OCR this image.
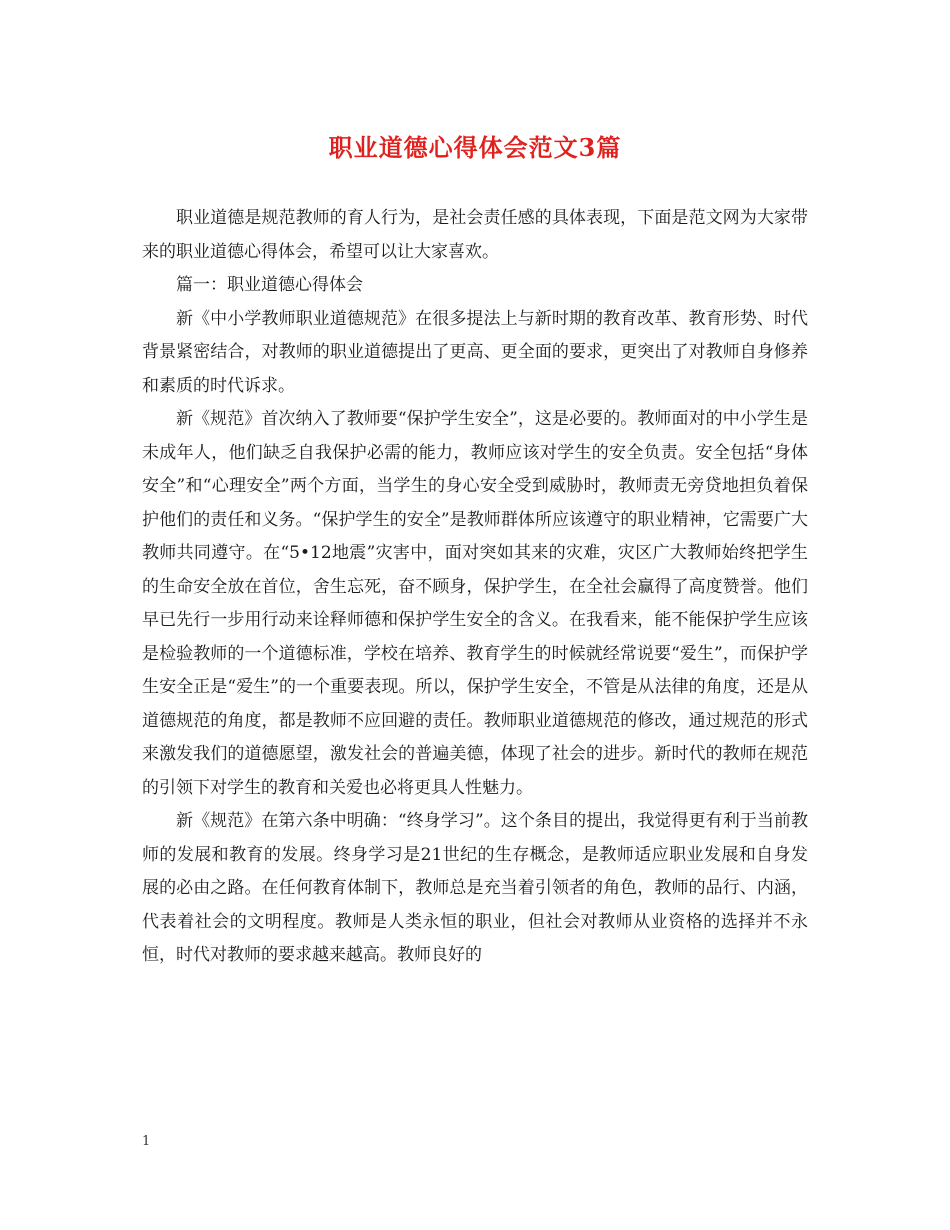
职业道德心得体会范文3篇

职业道德是规范教师的育人行为，是社会责任感的具体表现，下面是范文网为大家带来的职业道德心得体会，希望可以让大家喜欢。

篇一：职业道德心得体会

新《中小学教师职业道德规范》在很多提法上与新时期的教育改革、教育形势、时代背景紧密结合，对教师的职业道德提出了更高、更全面的要求，更突出了对教师自身修养和素质的时代诉求。

新《规范》首次纳入了教师要“保护学生安全”，这是必要的。教师面对的中小学生是未成年人，他们缺乏自我保护必需的能力，教师应该对学生的安全负责。安全包括“身体安全”和“心理安全”两个方面，当学生的身心安全受到威胁时，教师责无旁贷地担负着保护他们的责任和义务。“保护学生的安全”是教师群体所应该遵守的职业精神，它需要广大教师共同遵守。在“5•12地震”灾害中，面对突如其来的灾难，灾区广大教师始终把学生的生命安全放在首位，舍生忘死，奋不顾身，保护学生，在全社会赢得了高度赞誉。他们早已先行一步用行动来诠释师德和保护学生安全的含义。在我看来，能不能保护学生应该是检验教师的一个道德标准，学校在培养、教育学生的时候就经常说要“爱生”，而保护学生安全正是“爱生”的一个重要表现。所以，保护学生安全，不管是从法律的角度，还是从道德规范的角度，都是教师不应回避的责任。教师职业道德规范的修改，通过规范的形式来激发我们的道德愿望，激发社会的普遍美德，体现了社会的进步。新时代的教师在规范的引领下对学生的教育和关爱也必将更具人性魅力。

新《规范》在第六条中明确：“终身学习”。这个条目的提出，我觉得更有利于当前教师的发展和教育的发展。终身学习是21世纪的生存概念，是教师适应职业发展和自身发展的必由之路。在任何教育体制下，教师总是充当着引领者的角色，教师的品行、内涵，代表着社会的文明程度。教师是人类永恒的职业，但社会对教师从业资格的选择并不永恒，时代对教师的要求越来越高。教师良好的

1
